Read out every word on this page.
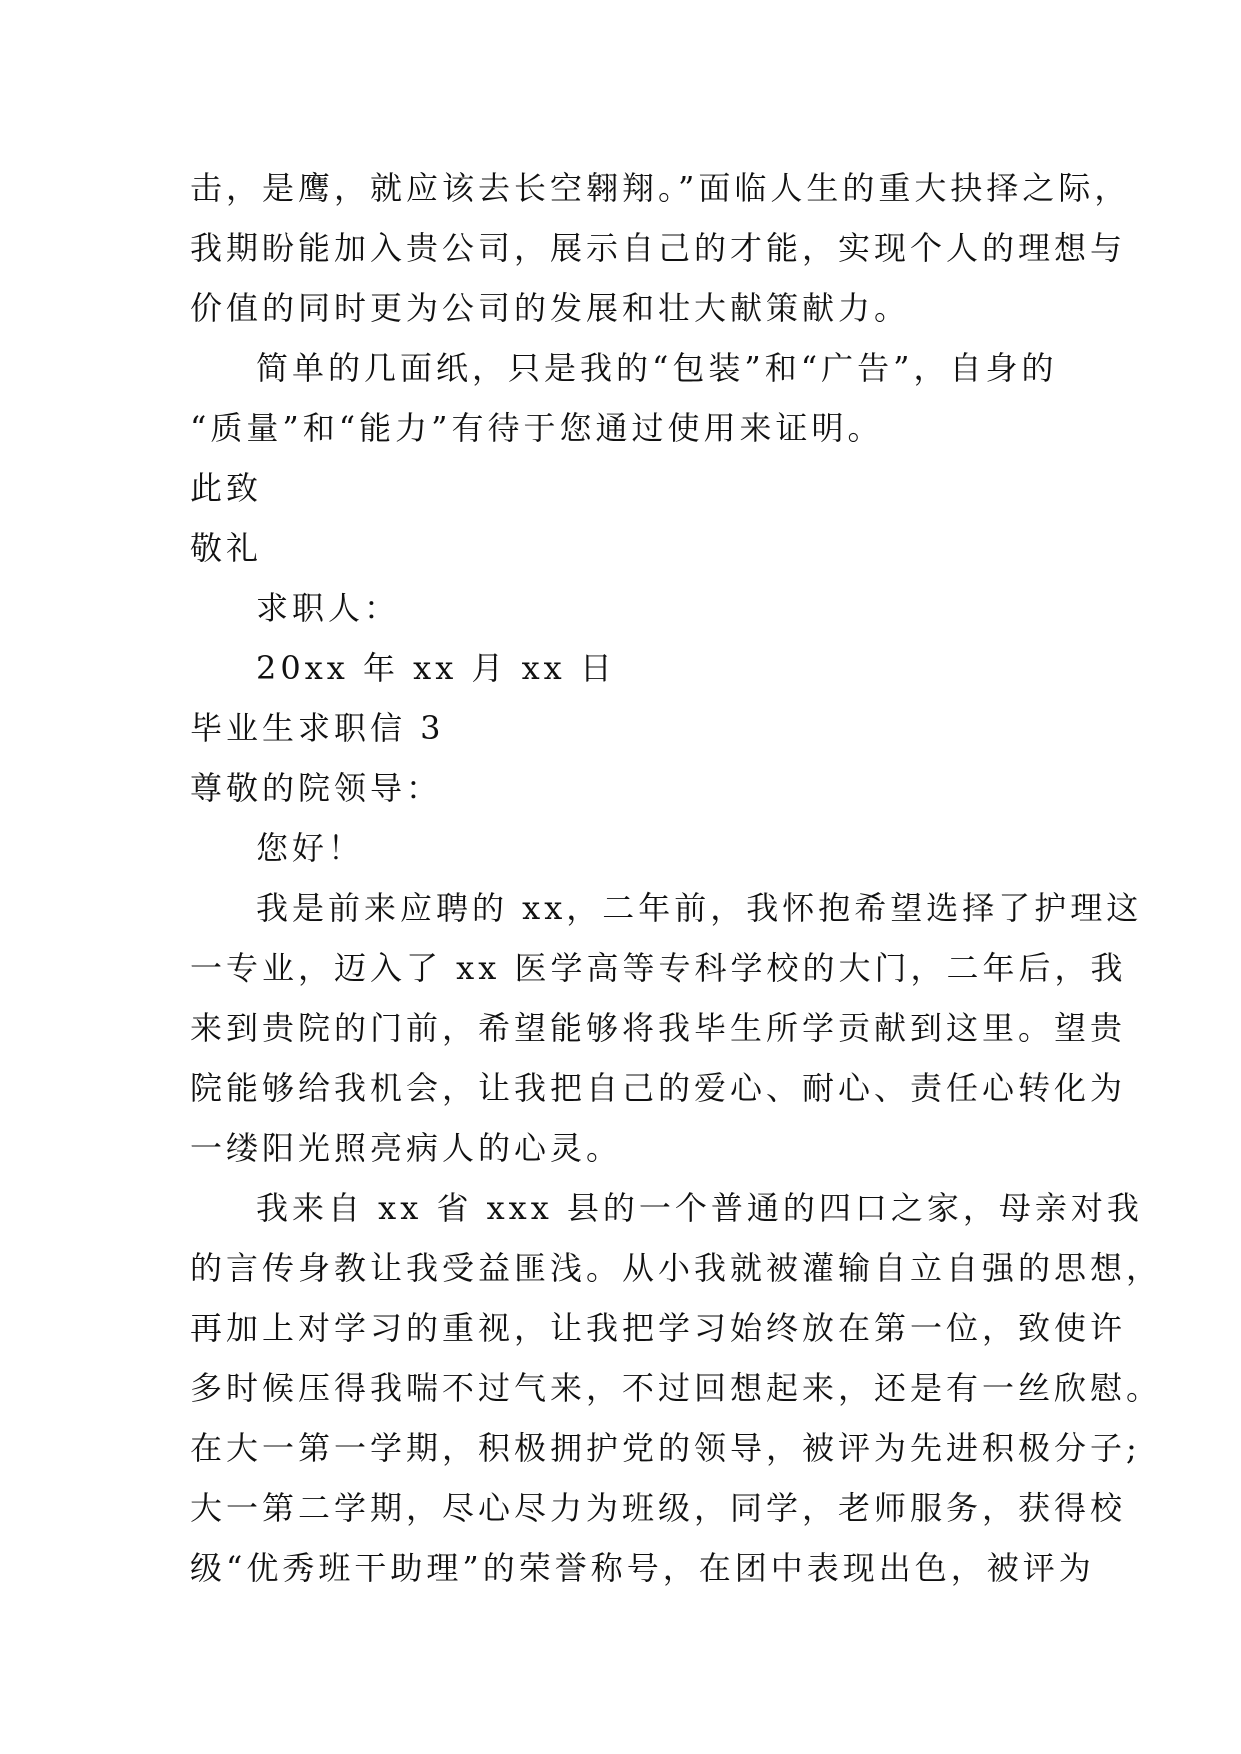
击，是鹰，就应该去长空翱翔。”面临人生的重大抉择之际，
我期盼能加入贵公司，展示自己的才能，实现个人的理想与
价值的同时更为公司的发展和壮大献策献力。
简单的几面纸，只是我的“包装”和“广告”，自身的
“质量”和“能力”有待于您通过使用来证明。
此致
敬礼
求职人：
20xx 年 xx 月 xx 日
毕业生求职信 3
尊敬的院领导：
您好！
我是前来应聘的 xx，二年前，我怀抱希望选择了护理这
一专业，迈入了 xx 医学高等专科学校的大门，二年后，我
来到贵院的门前，希望能够将我毕生所学贡献到这里。望贵
院能够给我机会，让我把自己的爱心、耐心、责任心转化为
一缕阳光照亮病人的心灵。
我来自 xx 省 xxx 县的一个普通的四口之家，母亲对我
的言传身教让我受益匪浅。从小我就被灌输自立自强的思想，
再加上对学习的重视，让我把学习始终放在第一位，致使许
多时候压得我喘不过气来，不过回想起来，还是有一丝欣慰。
在大一第一学期，积极拥护党的领导，被评为先进积极分子;
大一第二学期，尽心尽力为班级，同学，老师服务，获得校
级“优秀班干助理”的荣誉称号，在团中表现出色，被评为
